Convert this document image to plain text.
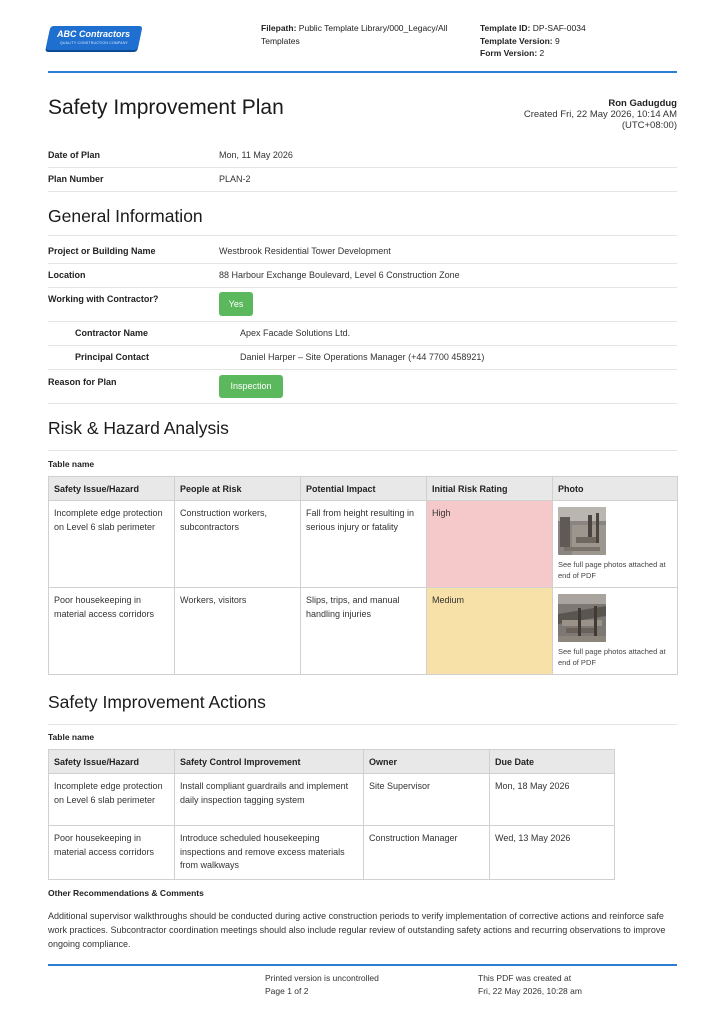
ABC Contractors
QUALITY CONSTRUCTION COMPANY
Filepath: Public Template Library/000_Legacy/All Templates
Template ID: DP-SAF-0034
Template Version: 9
Form Version: 2
Safety Improvement Plan	Ron Gadugdug
Created Fri, 22 May 2026, 10:14 AM
(UTC+08:00)
Date of Plan	Mon, 11 May 2026
Plan Number	PLAN-2
General Information
Project or Building Name	Westbrook Residential Tower Development
Location	88 Harbour Exchange Boulevard, Level 6 Construction Zone
Working with Contractor?	Yes
Contractor Name	Apex Facade Solutions Ltd.
Principal Contact	Daniel Harper – Site Operations Manager (+44 7700 458921)
Reason for Plan	Inspection
Risk & Hazard Analysis
Table name
Safety Issue/Hazard	People at Risk	Potential Impact	Initial Risk Rating	Photo
Incomplete edge protection on Level 6 slab perimeter	Construction workers, subcontractors	Fall from height resulting in serious injury or fatality	High	See full page photos attached at end of PDF

Poor housekeeping in material access corridors	Workers, visitors	Slips, trips, and manual handling injuries	Medium	See full page photos attached at end of PDF
Safety Improvement Actions
Table name
Safety Issue/Hazard	Safety Control Improvement	Owner	Due Date
Incomplete edge protection on Level 6 slab perimeter	Install compliant guardrails and implement daily inspection tagging system	Site Supervisor	Mon, 18 May 2026
Poor housekeeping in material access corridors	Introduce scheduled housekeeping inspections and remove excess materials from walkways	Construction Manager	Wed, 13 May 2026
Other Recommendations & Comments
Additional supervisor walkthroughs should be conducted during active construction periods to verify implementation of corrective actions and reinforce safe work practices. Subcontractor coordination meetings should also include regular review of outstanding safety actions and recurring observations to improve ongoing compliance.
Printed version is uncontrolled
Page 1 of 2
This PDF was created at
Fri, 22 May 2026, 10:28 am
